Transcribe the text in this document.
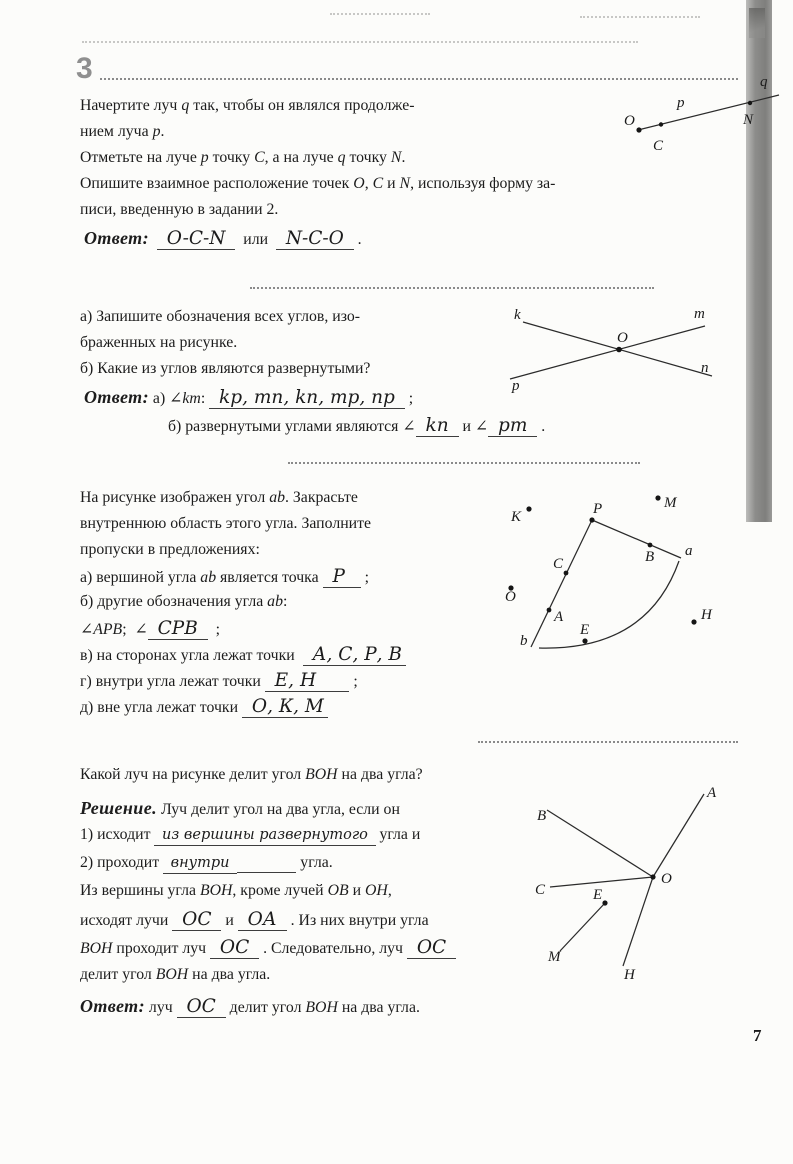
3
Начертите луч q так, чтобы он являлся продолже-
нием луча p.
Отметьте на луче p точку C, а на луче q точку N.
Опишите взаимное расположение точек O, C и N, используя форму за-
писи, введенную в задании 2.
Ответ:   O-C-N   или   N-C-O  .
O
p
C
N
q
а) Запишите обозначения всех углов, изо-
браженных на рисунке.
б) Какие из углов являются развернутыми?
Ответ: а) ∠km:  kp, mn, kn, mp, np  ;
б) развернутыми углами являются ∠ kn  и ∠ pm  .
k	m
p
n
O
На рисунке изображен угол ab. Закрасьте
внутреннюю область этого угла. Заполните
пропуски в предложениях:
а) вершиной угла ab является точка  Р   ;
б) другие обозначения угла ab:
∠APB;  ∠ СРВ   ;
в) на сторонах угла лежат точки   А, С, Р, В
г) внутри угла лежат точки  Е, Н      ;
д) вне угла лежат точки  О, К, М
K	P	M
C	B a
O
A
E
H
b
Какой луч на рисунке делит угол BOH на два угла?
Решение. Луч делит угол на два угла, если он
1) исходит  из вершины развернутого  угла и
2) проходит  внутри	угла.
Из вершины угла BOH, кроме лучей OB и OH,
исходят лучи  ОС  и  ОА  . Из них внутри угла
BOH проходит луч  ОС  . Следовательно, луч  ОС
делит угол BOH на два угла.
Ответ: луч  ОС  делит угол BOH на два угла.
B
A
C
O
E
M
H
7
